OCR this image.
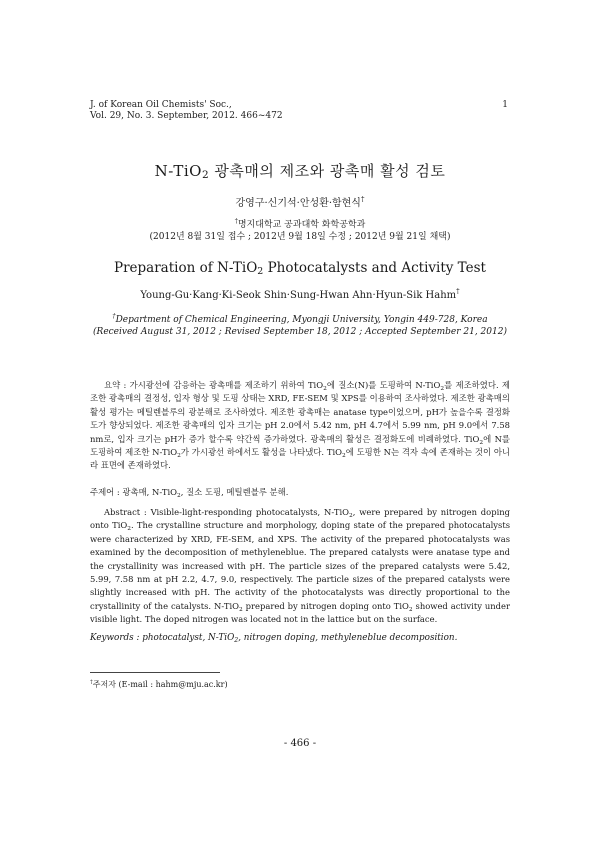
J. of Korean Oil Chemists' Soc.,
Vol. 29, No. 3. September, 2012. 466~472
1
N-TiO$_2$ 광촉매의 제조와 광촉매 활성 검토
강영구·신기석·안성환·함현식†
†명지대학교 공과대학 화학공학과
(2012년 8월 31일 접수 ; 2012년 9월 18일 수정 ; 2012년 9월 21일 채택)
Preparation of N-TiO$_2$ Photocatalysts and Activity Test
Young-Gu·Kang·Ki-Seok Shin·Sung-Hwan Ahn·Hyun-Sik Hahm†
†Department of Chemical Engineering, Myongji University, Yongin 449-728, Korea
(Received August 31, 2012 ; Revised September 18, 2012 ; Accepted September 21, 2012)
요약 : 가시광선에 감응하는 광촉매를 제조하기 위하여 TiO$_2$에 질소(N)를 도핑하여 N-TiO$_2$를 제조하였다. 제조한 광촉매의 결정성, 입자 형상 및 도핑 상태는 XRD, FE-SEM 및 XPS를 이용하여 조사하였다. 제조한 광촉매의 활성 평가는 메틸렌블루의 광분해로 조사하였다. 제조한 광촉매는 anatase type이었으며, pH가 높을수록 결정화도가 향상되었다. 제조한 광촉매의 입자 크기는 pH 2.0에서 5.42 nm, pH 4.7에서 5.99 nm, pH 9.0에서 7.58 nm로, 입자 크기는 pH가 증가 할수록 약간씩 증가하였다. 광촉매의 활성은 결정화도에 비례하였다. TiO$_2$에 N를 도핑하여 제조한 N-TiO$_2$가 가시광선 하에서도 활성을 나타냈다. TiO$_2$에 도핑한 N는 격자 속에 존재하는 것이 아니라 표면에 존재하였다.
주제어 : 광촉매, N-TiO$_2$, 질소 도핑, 메틸렌블루 분해.
Abstract : Visible-light-responding photocatalysts, N-TiO$_2$, were prepared by nitrogen doping onto TiO$_2$. The crystalline structure and morphology, doping state of the prepared photocatalysts were characterized by XRD, FE-SEM, and XPS. The activity of the prepared photocatalysts was examined by the decomposition of methyleneblue. The prepared catalysts were anatase type and the crystallinity was increased with pH. The particle sizes of the prepared catalysts were 5.42, 5.99, 7.58 nm at pH 2.2, 4.7, 9.0, respectively. The particle sizes of the prepared catalysts were slightly increased with pH. The activity of the photocatalysts was directly proportional to the crystallinity of the catalysts. N-TiO$_2$ prepared by nitrogen doping onto TiO$_2$ showed activity under visible light. The doped nitrogen was located not in the lattice but on the surface.
Keywords : photocatalyst, N-TiO$_2$, nitrogen doping, methyleneblue decomposition.
†주저자 (E-mail : hahm@mju.ac.kr)
- 466 -
